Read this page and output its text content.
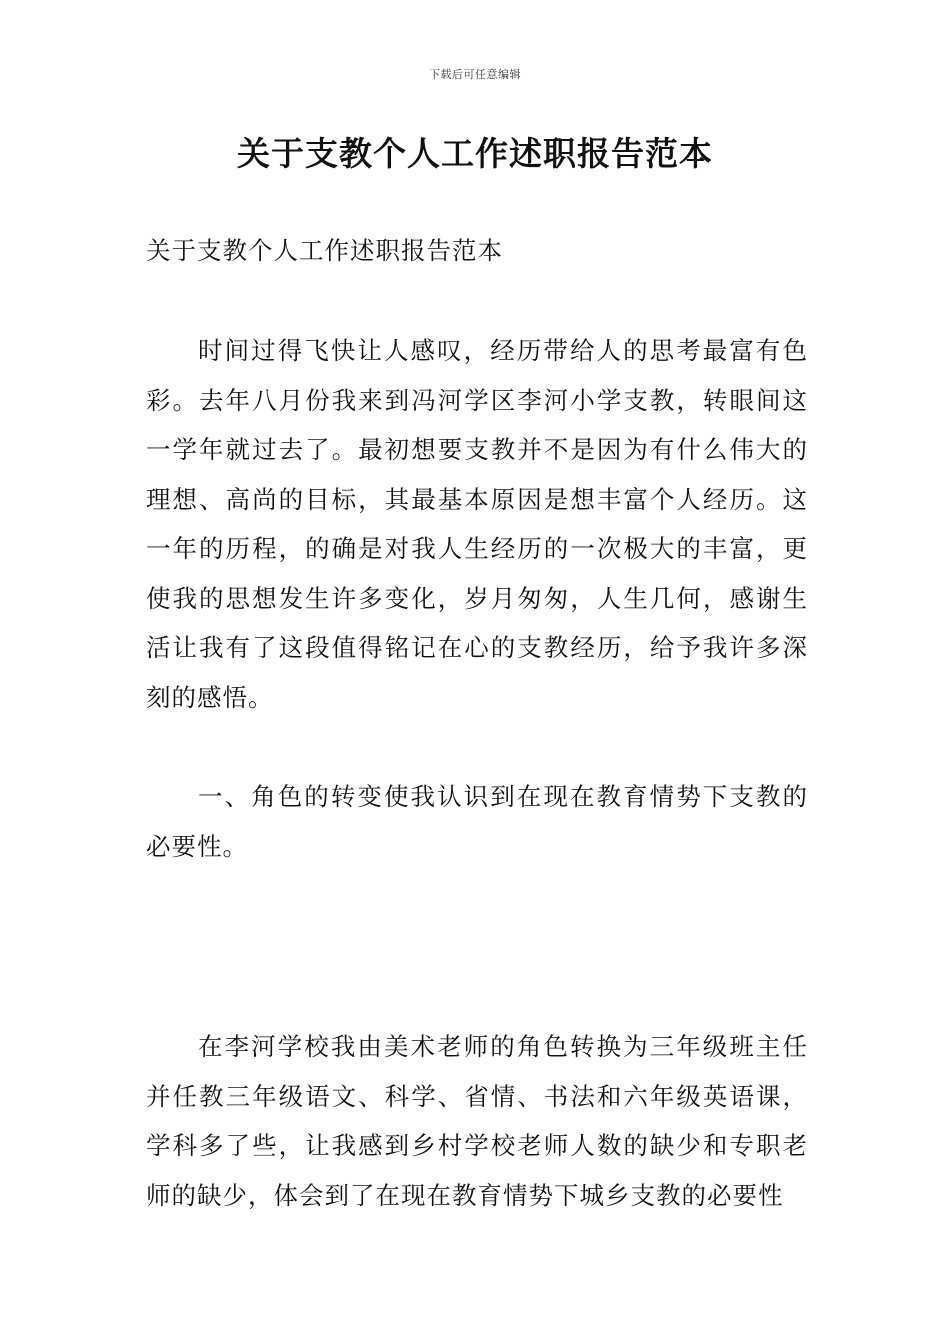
下载后可任意编辑
关于支教个人工作述职报告范本

关于支教个人工作述职报告范本

时间过得飞快让人感叹，经历带给人的思考最富有色彩。去年八月份我来到冯河学区李河小学支教，转眼间这一学年就过去了。最初想要支教并不是因为有什么伟大的理想、高尚的目标，其最基本原因是想丰富个人经历。这一年的历程，的确是对我人生经历的一次极大的丰富，更使我的思想发生许多变化，岁月匆匆，人生几何，感谢生活让我有了这段值得铭记在心的支教经历，给予我许多深刻的感悟。

一、角色的转变使我认识到在现在教育情势下支教的必要性。

在李河学校我由美术老师的角色转换为三年级班主任并任教三年级语文、科学、省情、书法和六年级英语课，学科多了些，让我感到乡村学校老师人数的缺少和专职老师的缺少，体会到了在现在教育情势下城乡支教的必要性
